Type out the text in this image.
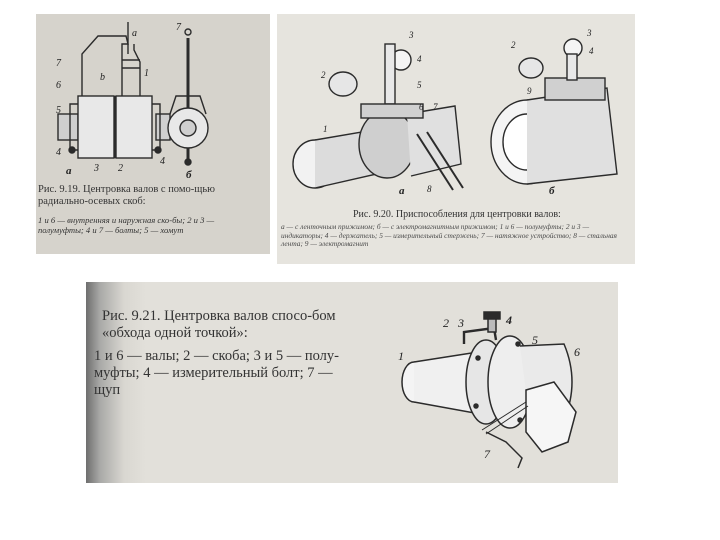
7
6
5
4
3 2
1
a
b
7
4
а	б
Рис. 9.19. Центровка валов с помо-щью радиально-осевых скоб:
1 и 6 — внутренняя и наружная ско-бы; 2 и 3 — полумуфты; 4 и 7 — болты; 5 — хомут
2
1
3
4
5
6 7
8
2
3
4
9
а	б
Рис. 9.20. Приспособления для центровки валов:
а — с ленточным прижимом; б — с электромагнитным прижимом; 1 и 6 — полумуфты; 2 и 3 — индикаторы; 4 — держатель; 5 — измерительный стержень; 7 — натяжное устройство; 8 — стальная лента; 9 — электромагнит
Рис. 9.21. Центровка валов спосо-бом «обхода одной точкой»:
1 и 6 — валы; 2 — скоба; 3 и 5 — полу-муфты; 4 — измерительный болт; 7 — щуп
1
2 3	4
5
6
7
